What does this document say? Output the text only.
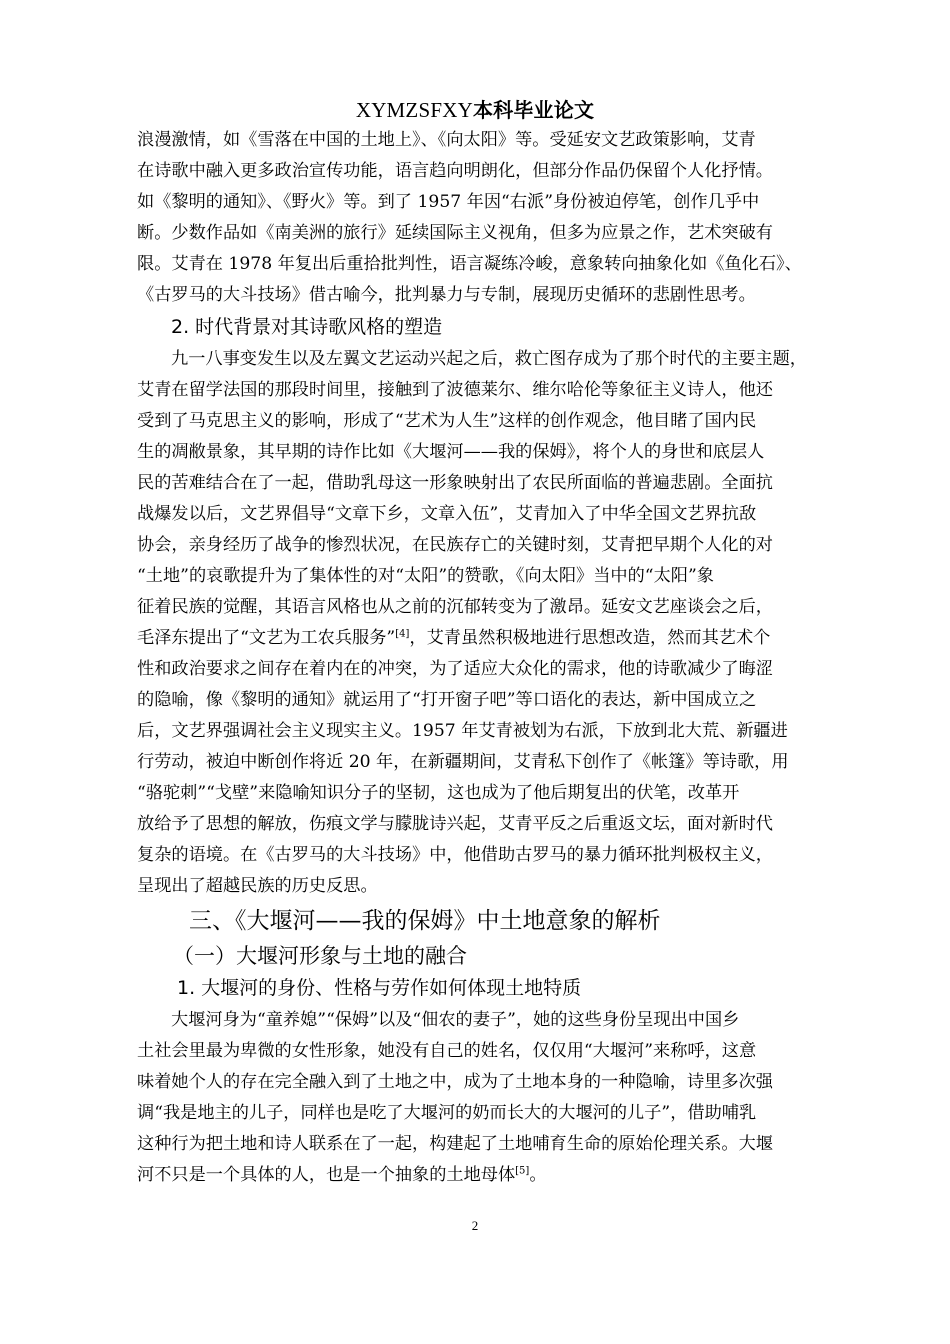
XYMZSFXY本科毕业论文
浪漫激情，如《雪落在中国的土地上》、《向太阳》等。受延安文艺政策影响，艾青
在诗歌中融入更多政治宣传功能，语言趋向明朗化，但部分作品仍保留个人化抒情。
如《黎明的通知》、《野火》等。到了 1957 年因“右派”身份被迫停笔，创作几乎中
断。少数作品如《南美洲的旅行》延续国际主义视角，但多为应景之作，艺术突破有
限。艾青在 1978 年复出后重拾批判性，语言凝练冷峻，意象转向抽象化如《鱼化石》、
《古罗马的大斗技场》借古喻今，批判暴力与专制，展现历史循环的悲剧性思考。
2. 时代背景对其诗歌风格的塑造
九一八事变发生以及左翼文艺运动兴起之后，救亡图存成为了那个时代的主要主题，
艾青在留学法国的那段时间里，接触到了波德莱尔、维尔哈伦等象征主义诗人，他还
受到了马克思主义的影响，形成了“艺术为人生”这样的创作观念，他目睹了国内民
生的凋敝景象，其早期的诗作比如《大堰河——我的保姆》，将个人的身世和底层人
民的苦难结合在了一起，借助乳母这一形象映射出了农民所面临的普遍悲剧。全面抗
战爆发以后，文艺界倡导“文章下乡，文章入伍”，艾青加入了中华全国文艺界抗敌
协会，亲身经历了战争的惨烈状况，在民族存亡的关键时刻，艾青把早期个人化的对
“土地”的哀歌提升为了集体性的对“太阳”的赞歌，《向太阳》当中的“太阳”象
征着民族的觉醒，其语言风格也从之前的沉郁转变为了激昂。延安文艺座谈会之后，
毛泽东提出了“文艺为工农兵服务”[4]，艾青虽然积极地进行思想改造，然而其艺术个
性和政治要求之间存在着内在的冲突，为了适应大众化的需求，他的诗歌减少了晦涩
的隐喻，像《黎明的通知》就运用了“打开窗子吧”等口语化的表达，新中国成立之
后，文艺界强调社会主义现实主义。1957 年艾青被划为右派，下放到北大荒、新疆进
行劳动，被迫中断创作将近 20 年，在新疆期间，艾青私下创作了《帐篷》等诗歌，用
“骆驼刺”“戈壁”来隐喻知识分子的坚韧，这也成为了他后期复出的伏笔，改革开
放给予了思想的解放，伤痕文学与朦胧诗兴起，艾青平反之后重返文坛，面对新时代
复杂的语境。在《古罗马的大斗技场》中，他借助古罗马的暴力循环批判极权主义，
呈现出了超越民族的历史反思。
三、《大堰河——我的保姆》中土地意象的解析
（一）大堰河形象与土地的融合
1. 大堰河的身份、性格与劳作如何体现土地特质
大堰河身为“童养媳”“保姆”以及“佃农的妻子”，她的这些身份呈现出中国乡
土社会里最为卑微的女性形象，她没有自己的姓名，仅仅用“大堰河”来称呼，这意
味着她个人的存在完全融入到了土地之中，成为了土地本身的一种隐喻，诗里多次强
调“我是地主的儿子，同样也是吃了大堰河的奶而长大的大堰河的儿子”，借助哺乳
这种行为把土地和诗人联系在了一起，构建起了土地哺育生命的原始伦理关系。大堰
河不只是一个具体的人，也是一个抽象的土地母体[5]。
2
